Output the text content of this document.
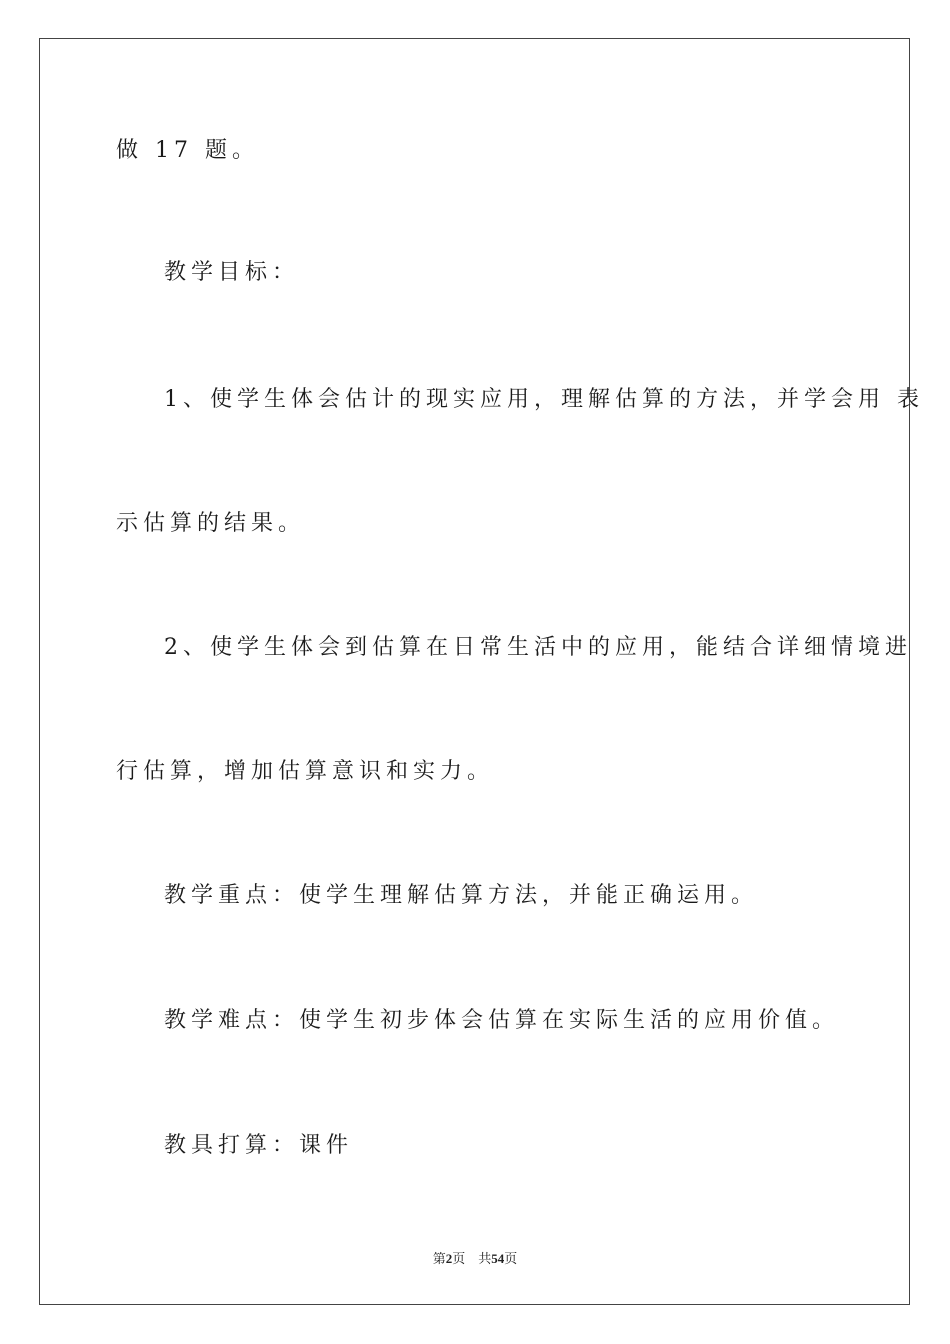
做 17 题。
教学目标：
1、使学生体会估计的现实应用，理解估算的方法，并学会用 表
示估算的结果。
2、使学生体会到估算在日常生活中的应用，能结合详细情境进
行估算，增加估算意识和实力。
教学重点：使学生理解估算方法，并能正确运用。
教学难点：使学生初步体会估算在实际生活的应用价值。
教具打算：课件
第2页 共54页
